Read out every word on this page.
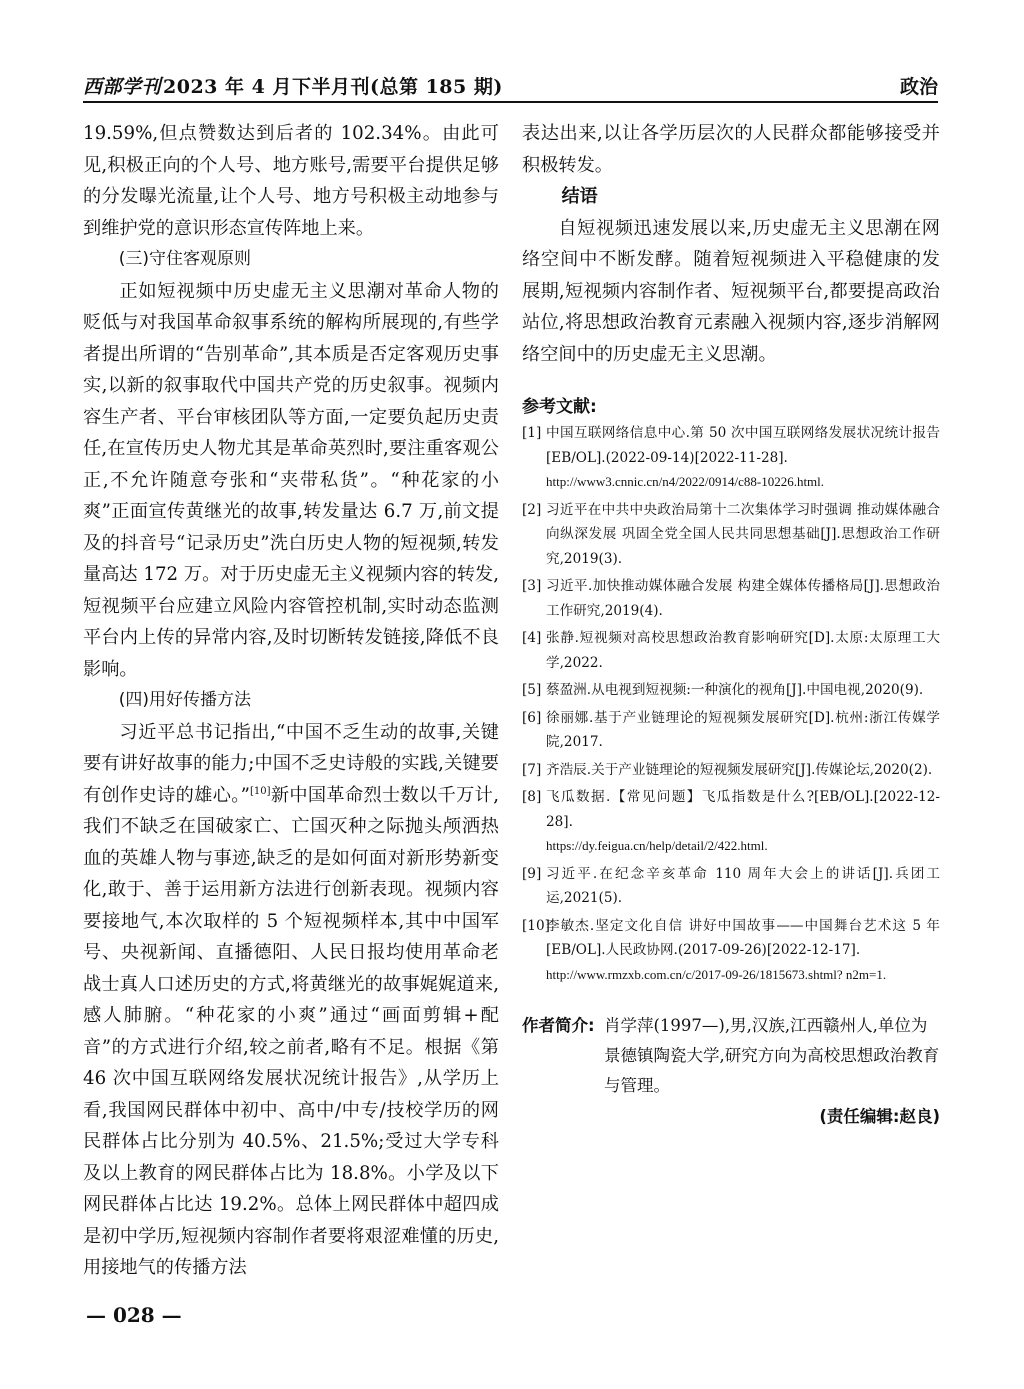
西部学刊 2023 年 4 月下半月刊(总第 185 期)	政治

19.59%,但点赞数达到后者的 102.34%。由此可见,积极正向的个人号、地方账号,需要平台提供足够的分发曝光流量,让个人号、地方号积极主动地参与到维护党的意识形态宣传阵地上来。

(三)守住客观原则

正如短视频中历史虚无主义思潮对革命人物的贬低与对我国革命叙事系统的解构所展现的,有些学者提出所谓的“告别革命”,其本质是否定客观历史事实,以新的叙事取代中国共产党的历史叙事。视频内容生产者、平台审核团队等方面,一定要负起历史责任,在宣传历史人物尤其是革命英烈时,要注重客观公正,不允许随意夸张和“夹带私货”。“种花家的小爽”正面宣传黄继光的故事,转发量达 6.7 万,前文提及的抖音号“记录历史”洗白历史人物的短视频,转发量高达 172 万。对于历史虚无主义视频内容的转发,短视频平台应建立风险内容管控机制,实时动态监测平台内上传的异常内容,及时切断转发链接,降低不良影响。

(四)用好传播方法

习近平总书记指出,“中国不乏生动的故事,关键要有讲好故事的能力;中国不乏史诗般的实践,关键要有创作史诗的雄心。”[10]新中国革命烈士数以千万计,我们不缺乏在国破家亡、亡国灭种之际抛头颅洒热血的英雄人物与事迹,缺乏的是如何面对新形势新变化,敢于、善于运用新方法进行创新表现。视频内容要接地气,本次取样的 5 个短视频样本,其中中国军号、央视新闻、直播德阳、人民日报均使用革命老战士真人口述历史的方式,将黄继光的故事娓娓道来,感人肺腑。“种花家的小爽”通过“画面剪辑+配音”的方式进行介绍,较之前者,略有不足。根据《第 46 次中国互联网络发展状况统计报告》,从学历上看,我国网民群体中初中、高中/中专/技校学历的网民群体占比分别为 40.5%、21.5%;受过大学专科及以上教育的网民群体占比为 18.8%。小学及以下网民群体占比达 19.2%。总体上网民群体中超四成是初中学历,短视频内容制作者要将艰涩难懂的历史,用接地气的传播方法

表达出来,以让各学历层次的人民群众都能够接受并积极转发。

结语

自短视频迅速发展以来,历史虚无主义思潮在网络空间中不断发酵。随着短视频进入平稳健康的发展期,短视频内容制作者、短视频平台,都要提高政治站位,将思想政治教育元素融入视频内容,逐步消解网络空间中的历史虚无主义思潮。

参考文献:

[1] 中国互联网络信息中心.第 50 次中国互联网络发展状况统计报告[EB/OL].(2022-09-14)[2022-11-28].
http://www3.cnnic.cn/n4/2022/0914/c88-10226.html.

[2] 习近平在中共中央政治局第十二次集体学习时强调 推动媒体融合向纵深发展 巩固全党全国人民共同思想基础[J].思想政治工作研究,2019(3).

[3] 习近平.加快推动媒体融合发展 构建全媒体传播格局[J].思想政治工作研究,2019(4).

[4] 张静.短视频对高校思想政治教育影响研究[D].太原:太原理工大学,2022.

[5] 蔡盈洲.从电视到短视频:一种演化的视角[J].中国电视,2020(9).

[6] 徐丽娜.基于产业链理论的短视频发展研究[D].杭州:浙江传媒学院,2017.

[7] 齐浩辰.关于产业链理论的短视频发展研究[J].传媒论坛,2020(2).

[8] 飞瓜数据.【常见问题】飞瓜指数是什么?[EB/OL].[2022-12-28].
https://dy.feigua.cn/help/detail/2/422.html.

[9] 习近平.在纪念辛亥革命 110 周年大会上的讲话[J].兵团工运,2021(5).

[10]
李敏杰.坚定文化自信 讲好中国故事——中国舞台艺术这 5 年[EB/OL].人民政协网.(2017-09-26)[2022-12-17].
http://www.rmzxb.com.cn/c/2017-09-26/1815673.shtml? n2m=1.

作者简介: 肖学萍(1997—),男,汉族,江西赣州人,单位为景德镇陶瓷大学,研究方向为高校思想政治教育与管理。
(责任编辑:赵良)
— 028 —
